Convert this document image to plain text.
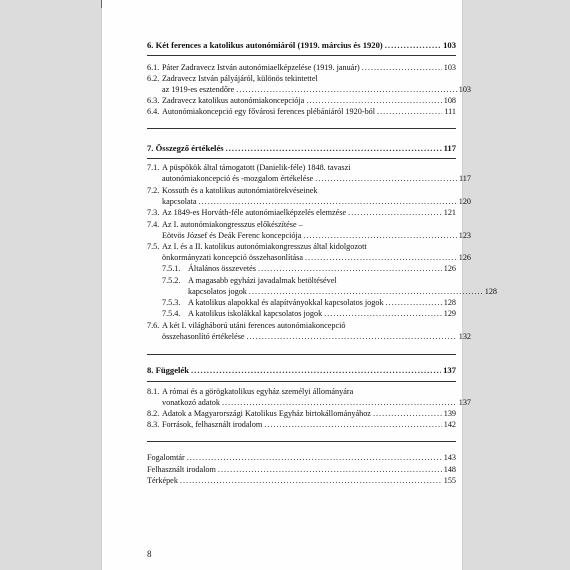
6. Két ferences a katolikus autonómiáról (1919. március és 1920) .....	103
6.1. Páter Zadravecz István autonómiaelképzelése (1919. január) .....	103
6.2. Zadravecz István pályájáról, különös tekintettel
az 1919-es esztendőre .....	103
6.3. Zadravecz katolikus autonómiakoncepciója .....	108
6.4. Autonómiakoncepció egy fővárosi ferences plébániáról 1920-ból .....	111
7. Összegző értékelés .....	117
7.1. A püspökök által támogatott (Danielik-féle) 1848. tavaszi
autonómiakoncepció és -mozgalom értékelése .....	117
7.2. Kossuth és a katolikus autonómiatörekvéseinek
kapcsolata .....	120
7.3. Az 1849-es Horváth-féle autonómiaelképzelés elemzése .....	121
7.4. Az I. autonómiakongresszus előkészítése –
Eötvös József és Deák Ferenc koncepciója .....	123
7.5. Az I. és a II. katolikus autonómiakongresszus által kidolgozott
önkormányzati koncepció összehasonlítása .....	126
7.5.1. Általános összevetés .....	126
7.5.2. A magasabb egyházi javadalmak betöltésével
kapcsolatos jogok .....	128
7.5.3. A katolikus alapokkal és alapítványokkal kapcsolatos jogok .....	128
7.5.4. A katolikus iskolákkal kapcsolatos jogok .....	129
7.6. A két I. világháború utáni ferences autonómiakoncepció
összehasonlító értékelése .....	132
8. Függelék .....	137
8.1. A római és a görögkatolikus egyház személyi állományára
vonatkozó adatok .....	137
8.2. Adatok a Magyarországi Katolikus Egyház birtokállományához .....	139
8.3. Források, felhasznált irodalom .....	142
Fogalomtár .....	143
Felhasznált irodalom .....	148
Térképek .....	155
8
